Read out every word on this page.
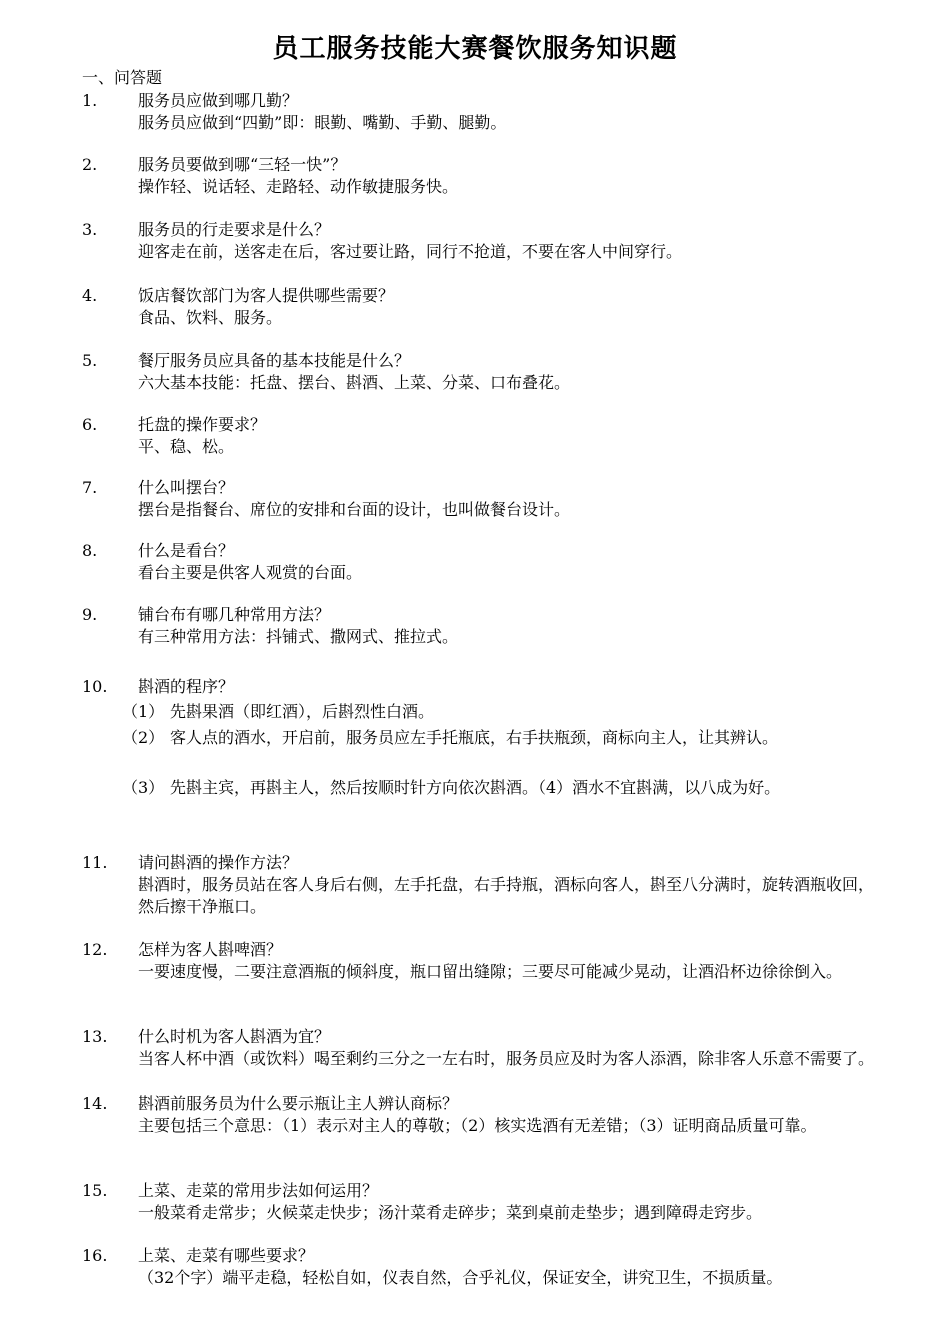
员工服务技能大赛餐饮服务知识题
一、问答题
1.	服务员应做到哪几勤？
服务员应做到“四勤”即：眼勤、嘴勤、手勤、腿勤。
2.	服务员要做到哪“三轻一快”？
操作轻、说话轻、走路轻、动作敏捷服务快。
3.	服务员的行走要求是什么？
迎客走在前，送客走在后，客过要让路，同行不抢道，不要在客人中间穿行。
4.	饭店餐饮部门为客人提供哪些需要？
食品、饮料、服务。
5.	餐厅服务员应具备的基本技能是什么？
六大基本技能：托盘、摆台、斟酒、上菜、分菜、口布叠花。
6.	托盘的操作要求？
平、稳、松。
7.	什么叫摆台？
摆台是指餐台、席位的安排和台面的设计，也叫做餐台设计。
8.	什么是看台？
看台主要是供客人观赏的台面。
9.	铺台布有哪几种常用方法？
有三种常用方法：抖铺式、撒网式、推拉式。
10. 斟酒的程序？
（1） 先斟果酒（即红酒），后斟烈性白酒。
（2） 客人点的酒水，开启前，服务员应左手托瓶底，右手扶瓶颈，商标向主人，让其辨认。
（3） 先斟主宾，再斟主人，然后按顺时针方向依次斟酒。（4）酒水不宜斟满，以八成为好。
11. 请问斟酒的操作方法？
斟酒时，服务员站在客人身后右侧，左手托盘，右手持瓶，酒标向客人，斟至八分满时，旋转酒瓶收回，然后擦干净瓶口。
12. 怎样为客人斟啤酒？
一要速度慢，二要注意酒瓶的倾斜度，瓶口留出缝隙；三要尽可能减少晃动，让酒沿杯边徐徐倒入。
13. 什么时机为客人斟酒为宜？
当客人杯中酒（或饮料）喝至剩约三分之一左右时，服务员应及时为客人添酒，除非客人乐意不需要了。
14. 斟酒前服务员为什么要示瓶让主人辨认商标？
主要包括三个意思：（1）表示对主人的尊敬；（2）核实选酒有无差错；（3）证明商品质量可靠。
15. 上菜、走菜的常用步法如何运用？
一般菜肴走常步；火候菜走快步；汤汁菜肴走碎步；菜到桌前走垫步；遇到障碍走窍步。
16. 上菜、走菜有哪些要求？
（32个字）端平走稳，轻松自如，仪表自然，合乎礼仪，保证安全，讲究卫生，不损质量。
